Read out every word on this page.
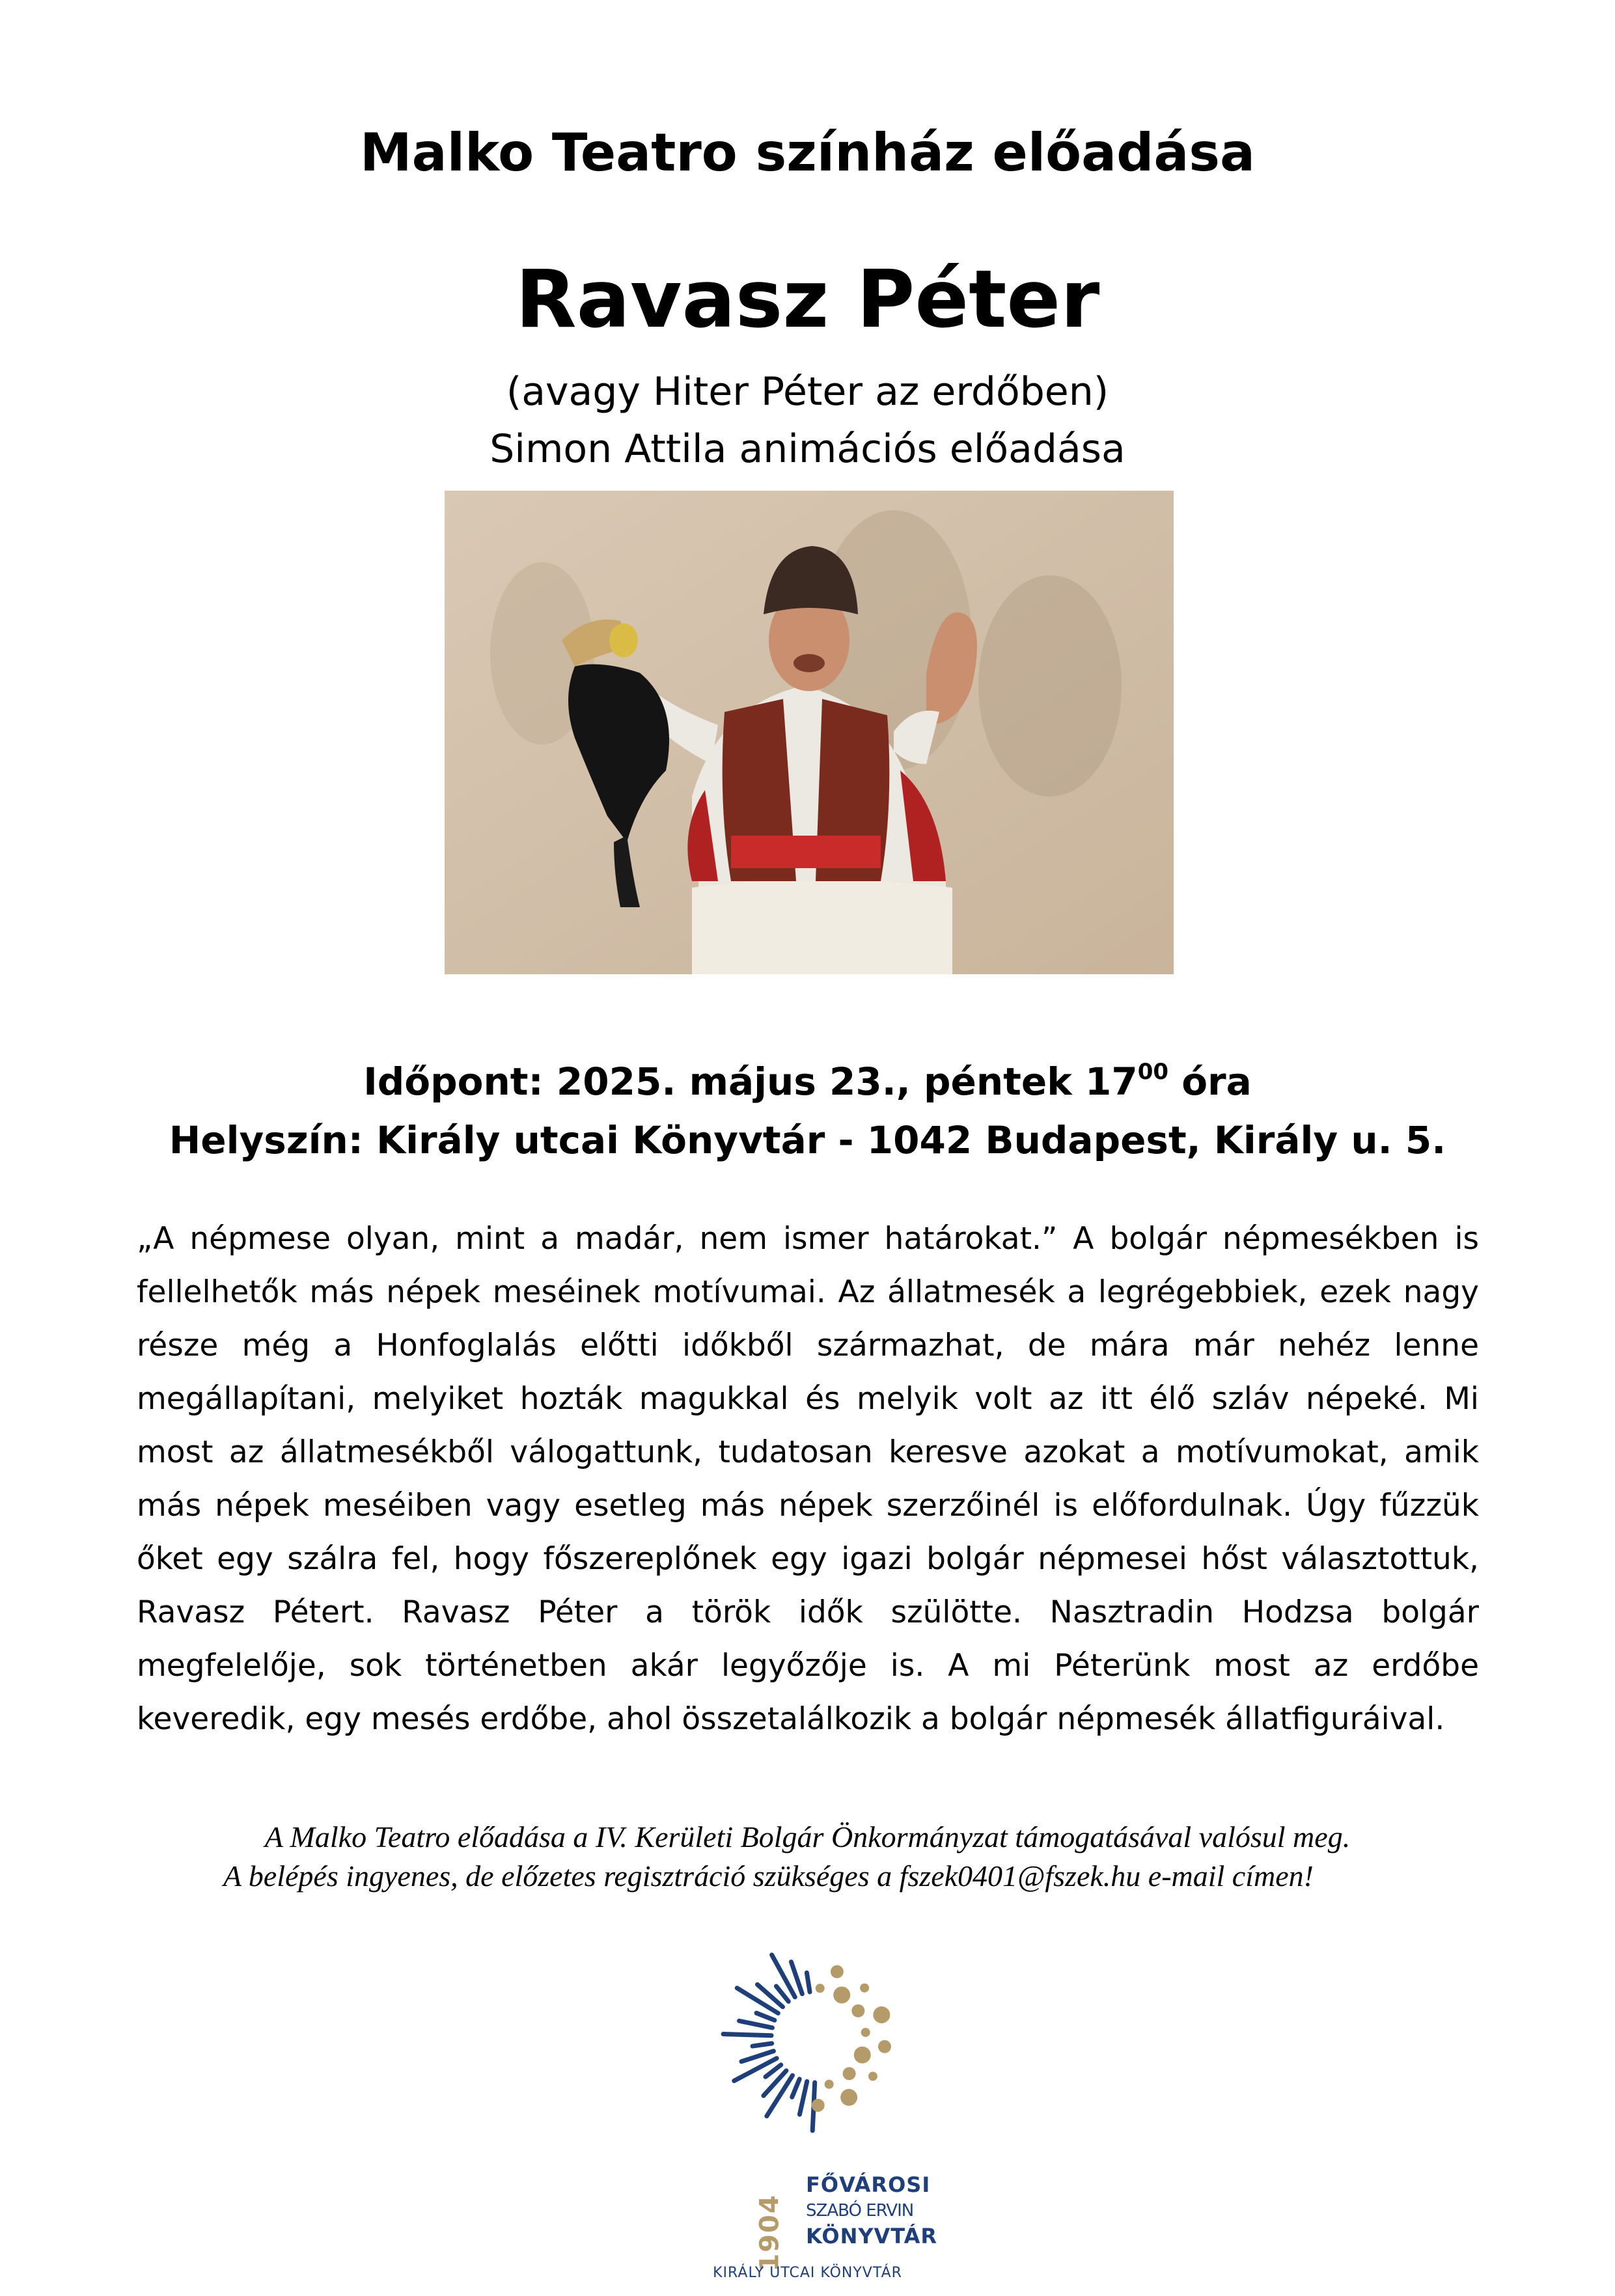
Malko Teatro színház előadása
Ravasz Péter
(avagy Hiter Péter az erdőben)
Simon Attila animációs előadása
Időpont: 2025. május 23., péntek $17^{00}$ óra
Helyszín: Király utcai Könyvtár - 1042 Budapest, Király u. 5.

„A népmese olyan, mint a madár, nem ismer határokat.” A bolgár népmesékben is fellelhetők más népek meséinek motívumai. Az állatmesék a legrégebbiek, ezek nagy része még a Honfoglalás előtti időkből származhat, de mára már nehéz lenne megállapítani, melyiket hozták magukkal és melyik volt az itt élő szláv népeké. Mi most az állatmesékből válogattunk, tudatosan keresve azokat a motívumokat, amik más népek meséiben vagy esetleg más népek szerzőinél is előfordulnak. Úgy fűzzük őket egy szálra fel, hogy főszereplőnek egy igazi bolgár népmesei hőst választottuk, Ravasz Pétert. Ravasz Péter a török idők szülötte. Nasztradin Hodzsa bolgár megfelelője, sok történetben akár legyőzője is. A mi Péterünk most az erdőbe keveredik, egy mesés erdőbe, ahol összetalálkozik a bolgár népmesék állatfiguráival.

A Malko Teatro előadása a IV. Kerületi Bolgár Önkormányzat támogatásával valósul meg.
A belépés ingyenes, de előzetes regisztráció szükséges a fszek0401@fszek.hu e-mail címen!
1904
FŐVÁROSI
SZABÓ ERVIN
KÖNYVTÁR
KIRÁLY UTCAI KÖNYVTÁR
